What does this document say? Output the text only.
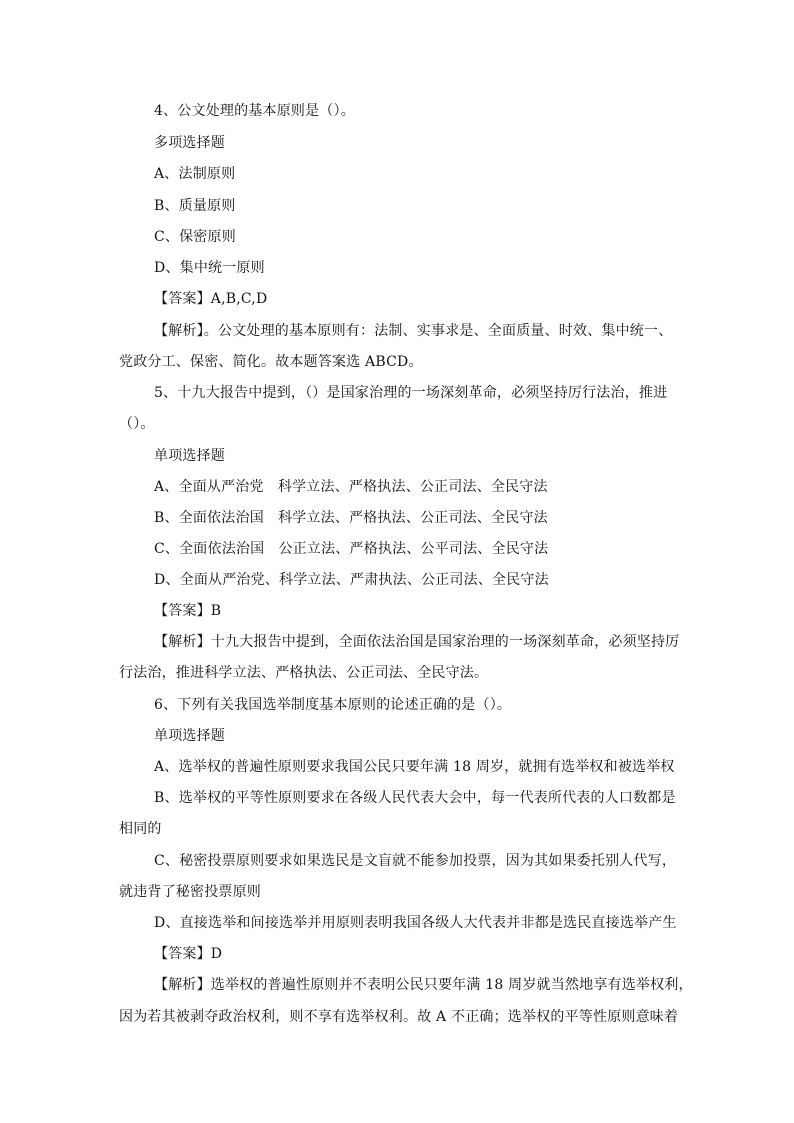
4、公文处理的基本原则是（）。
多项选择题
A、法制原则
B、质量原则
C、保密原则
D、集中统一原则
【答案】A,B,C,D
【解析】。公文处理的基本原则有：法制、实事求是、全面质量、时效、集中统一、
党政分工、保密、简化。故本题答案选 ABCD。
5、十九大报告中提到，（）是国家治理的一场深刻革命，必须坚持厉行法治，推进
（）。
单项选择题
A、全面从严治党　科学立法、严格执法、公正司法、全民守法
B、全面依法治国　科学立法、严格执法、公正司法、全民守法
C、全面依法治国　公正立法、严格执法、公平司法、全民守法
D、全面从严治党、科学立法、严肃执法、公正司法、全民守法
【答案】B
【解析】十九大报告中提到，全面依法治国是国家治理的一场深刻革命，必须坚持厉
行法治，推进科学立法、严格执法、公正司法、全民守法。
6、下列有关我国选举制度基本原则的论述正确的是（）。
单项选择题
A、选举权的普遍性原则要求我国公民只要年满 18 周岁，就拥有选举权和被选举权
B、选举权的平等性原则要求在各级人民代表大会中，每一代表所代表的人口数都是
相同的
C、秘密投票原则要求如果选民是文盲就不能参加投票，因为其如果委托别人代写，
就违背了秘密投票原则
D、直接选举和间接选举并用原则表明我国各级人大代表并非都是选民直接选举产生
【答案】D
【解析】选举权的普遍性原则并不表明公民只要年满 18 周岁就当然地享有选举权利，
因为若其被剥夺政治权利，则不享有选举权利。故 A 不正确；选举权的平等性原则意味着
